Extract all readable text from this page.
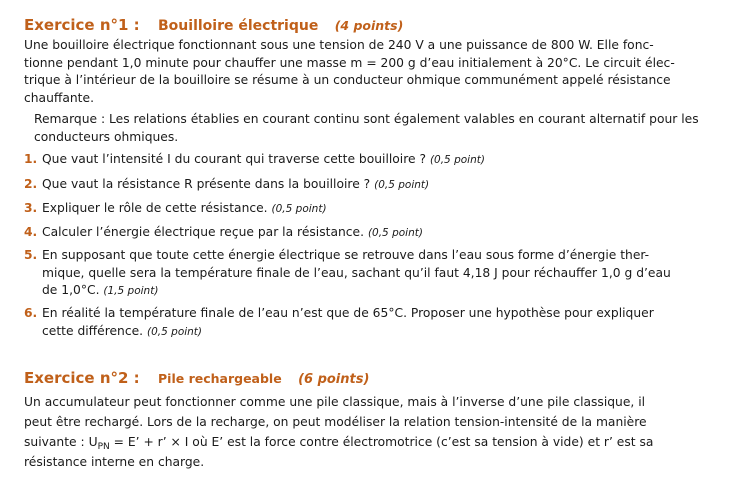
Exercice n°1 : Bouilloire électrique (4 points)

Une bouilloire électrique fonctionnant sous une tension de 240 V a une puissance de 800 W. Elle fonc-
tionne pendant 1,0 minute pour chauffer une masse m = 200 g d’eau initialement à 20°C. Le circuit élec-
trique à l’intérieur de la bouilloire se résume à un conducteur ohmique communément appelé résistance
chauffante.

Remarque : Les relations établies en courant continu sont également valables en courant alternatif pour les
conducteurs ohmiques.

1. Que vaut l’intensité I du courant qui traverse cette bouilloire ? (0,5 point)
2. Que vaut la résistance R présente dans la bouilloire ? (0,5 point)
3. Expliquer le rôle de cette résistance. (0,5 point)
4. Calculer l’énergie électrique reçue par la résistance. (0,5 point)
5. En supposant que toute cette énergie électrique se retrouve dans l’eau sous forme d’énergie ther-
mique, quelle sera la température finale de l’eau, sachant qu’il faut 4,18 J pour réchauffer 1,0 g d’eau
de 1,0°C. (1,5 point)
6. En réalité la température finale de l’eau n’est que de 65°C. Proposer une hypothèse pour expliquer
cette différence. (0,5 point)
Exercice n°2 : Pile rechargeable (6 points)

Un accumulateur peut fonctionner comme une pile classique, mais à l’inverse d’une pile classique, il
peut être rechargé. Lors de la recharge, on peut modéliser la relation tension-intensité de la manière
suivante : $U_{PN} = E$’ + r’ × I où E’ est la force contre électromotrice (c’est sa tension à vide) et r’ est sa
résistance interne en charge.
